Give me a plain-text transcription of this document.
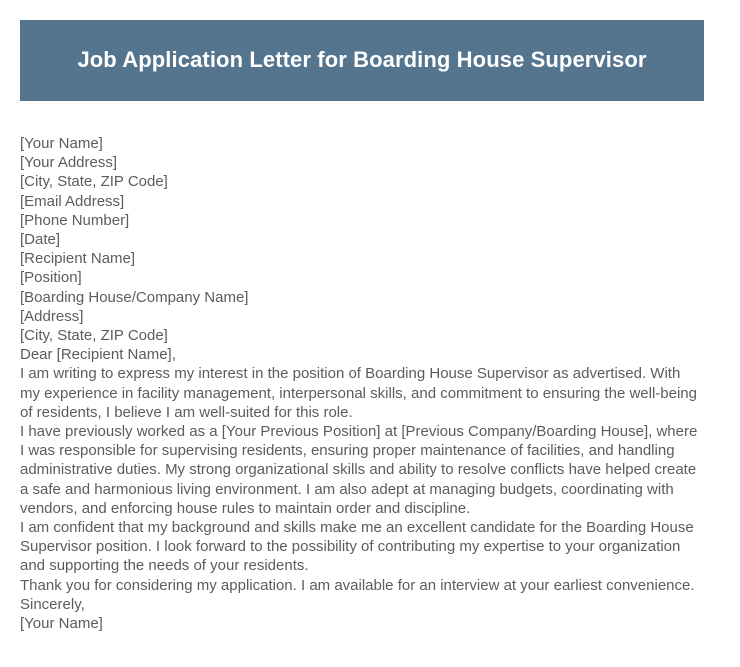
Job Application Letter for Boarding House Supervisor
[Your Name]
[Your Address]
[City, State, ZIP Code]
[Email Address]
[Phone Number]
[Date]
[Recipient Name]
[Position]
[Boarding House/Company Name]
[Address]
[City, State, ZIP Code]
Dear [Recipient Name],

I am writing to express my interest in the position of Boarding House Supervisor as advertised. With my experience in facility management, interpersonal skills, and commitment to ensuring the well-being of residents, I believe I am well-suited for this role.

I have previously worked as a [Your Previous Position] at [Previous Company/Boarding House], where I was responsible for supervising residents, ensuring proper maintenance of facilities, and handling administrative duties. My strong organizational skills and ability to resolve conflicts have helped create a safe and harmonious living environment. I am also adept at managing budgets, coordinating with vendors, and enforcing house rules to maintain order and discipline.

I am confident that my background and skills make me an excellent candidate for the Boarding House Supervisor position. I look forward to the possibility of contributing my expertise to your organization and supporting the needs of your residents.

Thank you for considering my application. I am available for an interview at your earliest convenience.

Sincerely,
[Your Name]
